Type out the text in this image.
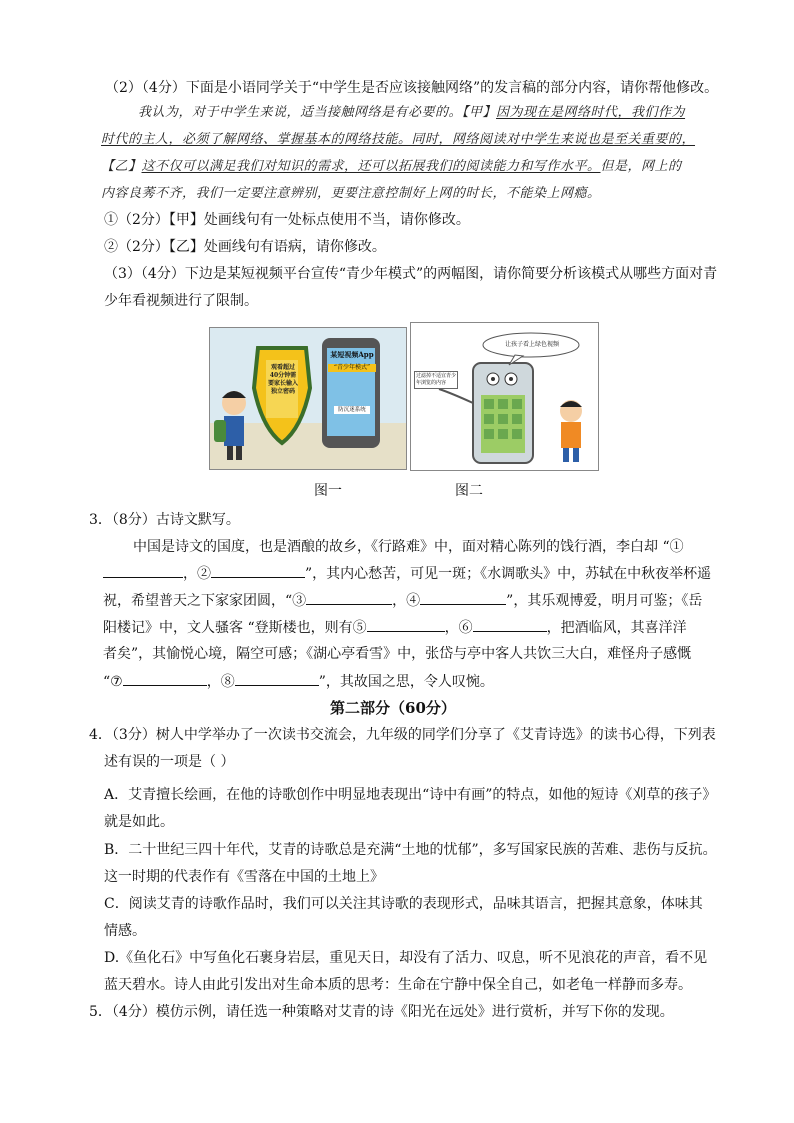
（2）（4分）下面是小语同学关于“中学生是否应该接触网络”的发言稿的部分内容，请你帮他修改。
我认为，对于中学生来说，适当接触网络是有必要的。【甲】因为现在是网络时代，我们作为
时代的主人，必须了解网络、掌握基本的网络技能。同时，网络阅读对中学生来说也是至关重要的，
【乙】这不仅可以满足我们对知识的需求，还可以拓展我们的阅读能力和写作水平。但是，网上的
内容良莠不齐，我们一定要注意辨别，更要注意控制好上网的时长，不能染上网瘾。
①（2分）【甲】处画线句有一处标点使用不当，请你修改。
②（2分）【乙】处画线句有语病，请你修改。
（3）（4分）下边是某短视频平台宣传“青少年模式”的两幅图，请你简要分析该模式从哪些方面对青
少年看视频进行了限制。
观看超过40分钟需要家长输入独立密码
某短视频App
“青少年模式”
防沉迷系统
让孩子看上绿色视频
过滤掉不适宜青少年浏览的内容
图一	图二
3．（8分）古诗文默写。
中国是诗文的国度，也是酒酿的故乡，《行路难》中，面对精心陈列的饯行酒，李白却 “①
，②	”，其内心愁苦，可见一斑；《水调歌头》中，苏轼在中秋夜举杯遥
祝，希望普天之下家家团圆，“③	，④	”，其乐观博爱，明月可鉴；《岳
阳楼记》中，文人骚客 “登斯楼也，则有⑤	，⑥	，把酒临风，其喜洋洋
者矣”，其愉悦心境，隔空可感；《湖心亭看雪》中，张岱与亭中客人共饮三大白，难怪舟子感慨
“⑦	，⑧	”，其故国之思，令人叹惋。
第二部分（60分）
4．（3分）树人中学举办了一次读书交流会，九年级的同学们分享了《艾青诗选》的读书心得，下列表
述有误的一项是（ ）
A．艾青擅长绘画，在他的诗歌创作中明显地表现出“诗中有画”的特点，如他的短诗《刈草的孩子》
就是如此。
B．二十世纪三四十年代，艾青的诗歌总是充满“土地的忧郁”，多写国家民族的苦难、悲伤与反抗。
这一时期的代表作有《雪落在中国的土地上》
C．阅读艾青的诗歌作品时，我们可以关注其诗歌的表现形式，品味其语言，把握其意象，体味其
情感。
D.《鱼化石》中写鱼化石裹身岩层，重见天日，却没有了活力、叹息，听不见浪花的声音，看不见
蓝天碧水。诗人由此引发出对生命本质的思考：生命在宁静中保全自己，如老龟一样静而多寿。
5．（4分）模仿示例，请任选一种策略对艾青的诗《阳光在远处》进行赏析，并写下你的发现。
